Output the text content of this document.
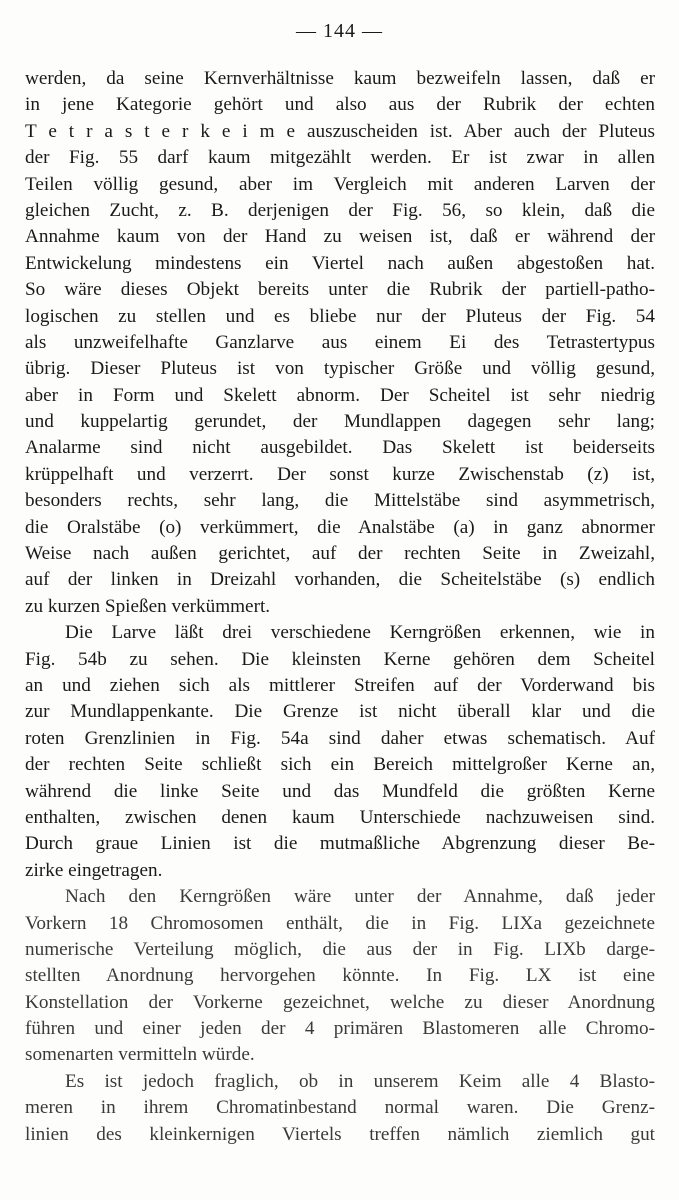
— 144 —
werden, da seine Kernverhältnisse kaum bezweifeln lassen, daß er
in jene Kategorie gehört und also aus der Rubrik der echten
T e t r a s t e r k e i m e auszuscheiden ist. Aber auch der Pluteus
der Fig. 55 darf kaum mitgezählt werden. Er ist zwar in allen
Teilen völlig gesund, aber im Vergleich mit anderen Larven der
gleichen Zucht, z. B. derjenigen der Fig. 56, so klein, daß die
Annahme kaum von der Hand zu weisen ist, daß er während der
Entwickelung mindestens ein Viertel nach außen abgestoßen hat.
So wäre dieses Objekt bereits unter die Rubrik der partiell-patho-
logischen zu stellen und es bliebe nur der Pluteus der Fig. 54
als unzweifelhafte Ganzlarve aus einem Ei des Tetrastertypus
übrig. Dieser Pluteus ist von typischer Größe und völlig gesund,
aber in Form und Skelett abnorm. Der Scheitel ist sehr niedrig
und kuppelartig gerundet, der Mundlappen dagegen sehr lang;
Analarme sind nicht ausgebildet. Das Skelett ist beiderseits
krüppelhaft und verzerrt. Der sonst kurze Zwischenstab (z) ist,
besonders rechts, sehr lang, die Mittelstäbe sind asymmetrisch,
die Oralstäbe (o) verkümmert, die Analstäbe (a) in ganz abnormer
Weise nach außen gerichtet, auf der rechten Seite in Zweizahl,
auf der linken in Dreizahl vorhanden, die Scheitelstäbe (s) endlich
zu kurzen Spießen verkümmert.
Die Larve läßt drei verschiedene Kerngrößen erkennen, wie in
Fig. 54b zu sehen. Die kleinsten Kerne gehören dem Scheitel
an und ziehen sich als mittlerer Streifen auf der Vorderwand bis
zur Mundlappenkante. Die Grenze ist nicht überall klar und die
roten Grenzlinien in Fig. 54a sind daher etwas schematisch. Auf
der rechten Seite schließt sich ein Bereich mittelgroßer Kerne an,
während die linke Seite und das Mundfeld die größten Kerne
enthalten, zwischen denen kaum Unterschiede nachzuweisen sind.
Durch graue Linien ist die mutmaßliche Abgrenzung dieser Be-
zirke eingetragen.
Nach den Kerngrößen wäre unter der Annahme, daß jeder
Vorkern 18 Chromosomen enthält, die in Fig. LIXa gezeichnete
numerische Verteilung möglich, die aus der in Fig. LIXb darge-
stellten Anordnung hervorgehen könnte. In Fig. LX ist eine
Konstellation der Vorkerne gezeichnet, welche zu dieser Anordnung
führen und einer jeden der 4 primären Blastomeren alle Chromo-
somenarten vermitteln würde.
Es ist jedoch fraglich, ob in unserem Keim alle 4 Blasto-
meren in ihrem Chromatinbestand normal waren. Die Grenz-
linien des kleinkernigen Viertels treffen nämlich ziemlich gut
